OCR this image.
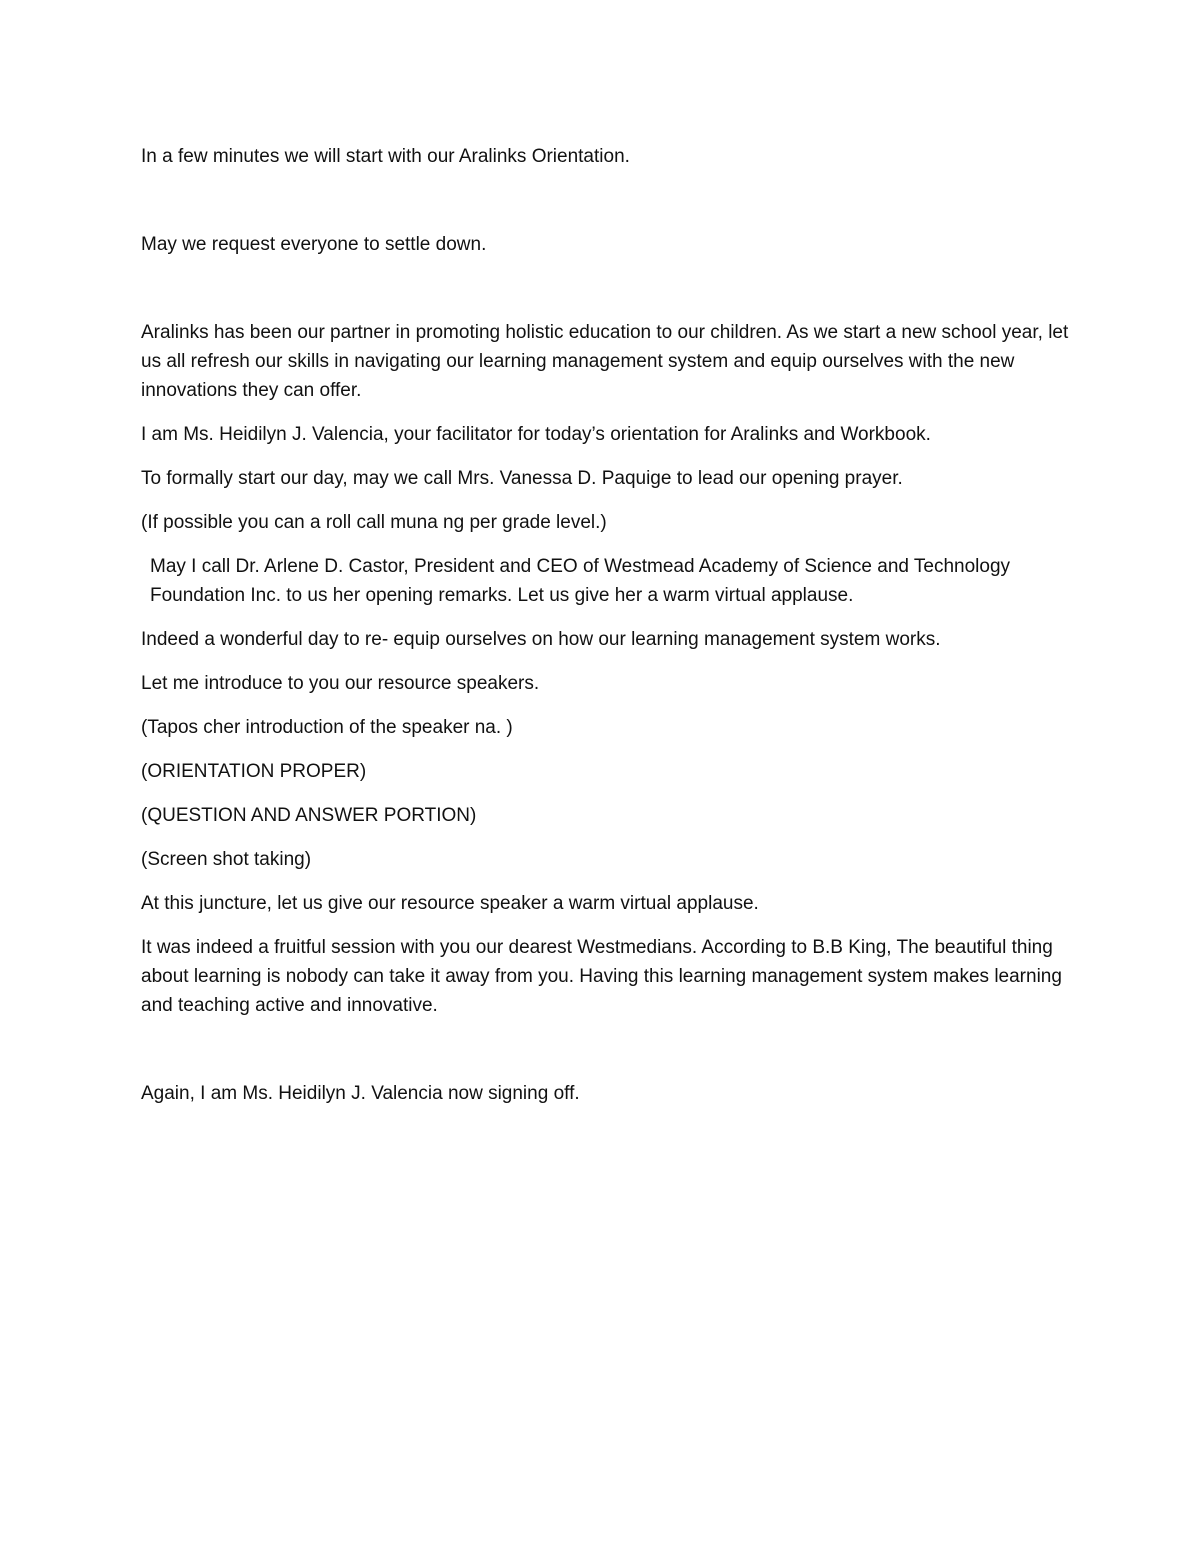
In a few minutes we will start with our Aralinks Orientation.

May we request everyone to settle down.

Aralinks has been our partner in promoting holistic education to our children. As we start a new school year, let us all refresh our skills in navigating our learning management system and equip ourselves with the new innovations they can offer.

I am Ms. Heidilyn J. Valencia, your facilitator for today’s orientation for Aralinks and Workbook.

To formally start our day, may we call Mrs. Vanessa D. Paquige to lead our opening prayer.

(If possible you can a roll call muna ng per grade level.)

May I call Dr. Arlene D. Castor, President and CEO of Westmead Academy of Science and Technology Foundation Inc. to us her opening remarks. Let us give her a warm virtual applause.

Indeed a wonderful day to re- equip ourselves on how our learning management system works.

Let me introduce to you our resource speakers.

(Tapos cher introduction of the speaker na. )

(ORIENTATION PROPER)

(QUESTION AND ANSWER PORTION)

(Screen shot taking)

At this juncture, let us give our resource speaker a warm virtual applause.

It was indeed a fruitful session with you our dearest Westmedians. According to B.B King, The beautiful thing about learning is nobody can take it away from you. Having this learning management system makes learning and teaching active and innovative.

Again, I am Ms. Heidilyn J. Valencia now signing off.
